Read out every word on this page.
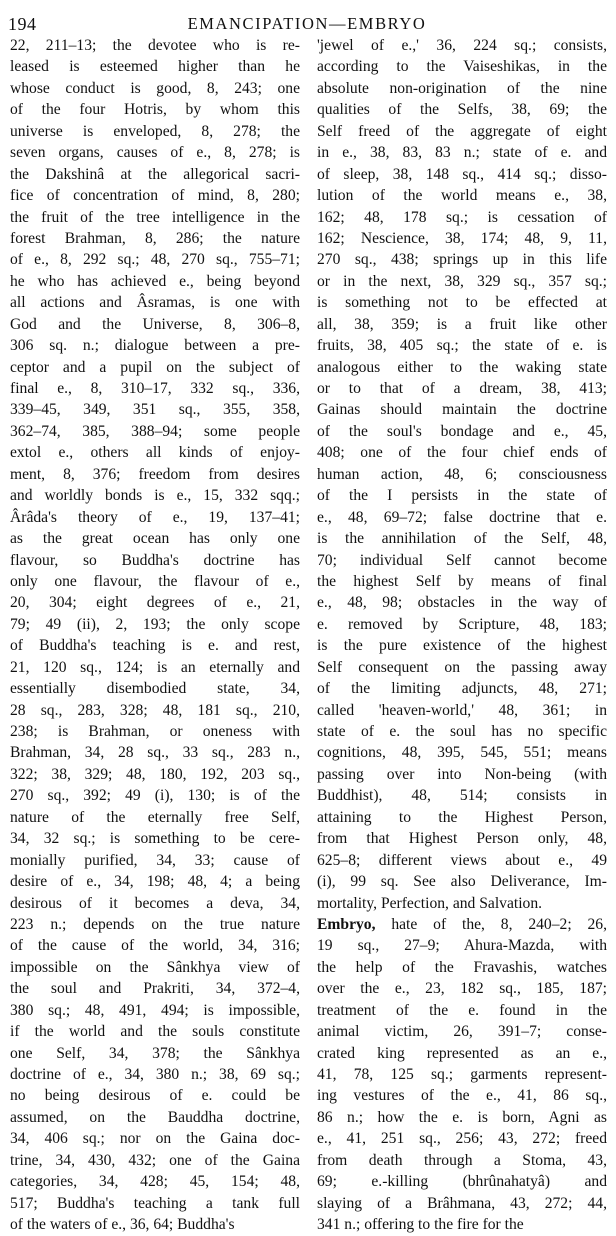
194	EMANCIPATION—EMBRYO
22, 211–13; the devotee who is re-
leased is esteemed higher than he
whose conduct is good, 8, 243; one
of the four Hotris, by whom this
universe is enveloped, 8, 278; the
seven organs, causes of e., 8, 278; is
the Dakshinâ at the allegorical sacri-
fice of concentration of mind, 8, 280;
the fruit of the tree intelligence in the
forest Brahman, 8, 286; the nature
of e., 8, 292 sq.; 48, 270 sq., 755–71;
he who has achieved e., being beyond
all actions and Âsramas, is one with
God and the Universe, 8, 306–8,
306 sq. n.; dialogue between a pre-
ceptor and a pupil on the subject of
final e., 8, 310–17, 332 sq., 336,
339–45, 349, 351 sq., 355, 358,
362–74, 385, 388–94; some people
extol e., others all kinds of enjoy-
ment, 8, 376; freedom from desires
and worldly bonds is e., 15, 332 sqq.;
Ârâda's theory of e., 19, 137–41;
as the great ocean has only one
flavour, so Buddha's doctrine has
only one flavour, the flavour of e.,
20, 304; eight degrees of e., 21,
79; 49 (ii), 2, 193; the only scope
of Buddha's teaching is e. and rest,
21, 120 sq., 124; is an eternally and
essentially disembodied state, 34,
28 sq., 283, 328; 48, 181 sq., 210,
238; is Brahman, or oneness with
Brahman, 34, 28 sq., 33 sq., 283 n.,
322; 38, 329; 48, 180, 192, 203 sq.,
270 sq., 392; 49 (i), 130; is of the
nature of the eternally free Self,
34, 32 sq.; is something to be cere-
monially purified, 34, 33; cause of
desire of e., 34, 198; 48, 4; a being
desirous of it becomes a deva, 34,
223 n.; depends on the true nature
of the cause of the world, 34, 316;
impossible on the Sânkhya view of
the soul and Prakriti, 34, 372–4,
380 sq.; 48, 491, 494; is impossible,
if the world and the souls constitute
one Self, 34, 378; the Sânkhya
doctrine of e., 34, 380 n.; 38, 69 sq.;
no being desirous of e. could be
assumed, on the Bauddha doctrine,
34, 406 sq.; nor on the Gaina doc-
trine, 34, 430, 432; one of the Gaina
categories, 34, 428; 45, 154; 48,
517; Buddha's teaching a tank full
of the waters of e., 36, 64; Buddha's
'jewel of e.,' 36, 224 sq.; consists,
according to the Vaiseshikas, in the
absolute non-origination of the nine
qualities of the Selfs, 38, 69; the
Self freed of the aggregate of eight
in e., 38, 83, 83 n.; state of e. and
of sleep, 38, 148 sq., 414 sq.; disso-
lution of the world means e., 38,
162; 48, 178 sq.; is cessation of
162; Nescience, 38, 174; 48, 9, 11,
270 sq., 438; springs up in this life
or in the next, 38, 329 sq., 357 sq.;
is something not to be effected at
all, 38, 359; is a fruit like other
fruits, 38, 405 sq.; the state of e. is
analogous either to the waking state
or to that of a dream, 38, 413;
Gainas should maintain the doctrine
of the soul's bondage and e., 45,
408; one of the four chief ends of
human action, 48, 6; consciousness
of the I persists in the state of
e., 48, 69–72; false doctrine that e.
is the annihilation of the Self, 48,
70; individual Self cannot become
the highest Self by means of final
e., 48, 98; obstacles in the way of
e. removed by Scripture, 48, 183;
is the pure existence of the highest
Self consequent on the passing away
of the limiting adjuncts, 48, 271;
called 'heaven-world,' 48, 361; in
state of e. the soul has no specific
cognitions, 48, 395, 545, 551; means
passing over into Non-being (with
Buddhist), 48, 514; consists in
attaining to the Highest Person,
from that Highest Person only, 48,
625–8; different views about e., 49
(i), 99 sq. See also Deliverance, Im-
mortality, Perfection, and Salvation.
Embryo, hate of the, 8, 240–2; 26,
19 sq., 27–9; Ahura-Mazda, with
the help of the Fravashis, watches
over the e., 23, 182 sq., 185, 187;
treatment of the e. found in the
animal victim, 26, 391–7; conse-
crated king represented as an e.,
41, 78, 125 sq.; garments represent-
ing vestures of the e., 41, 86 sq.,
86 n.; how the e. is born, Agni as
e., 41, 251 sq., 256; 43, 272; freed
from death through a Stoma, 43,
69; e.-killing (bhrûnahatyâ) and
slaying of a Brâhmana, 43, 272; 44,
341 n.; offering to the fire for the
